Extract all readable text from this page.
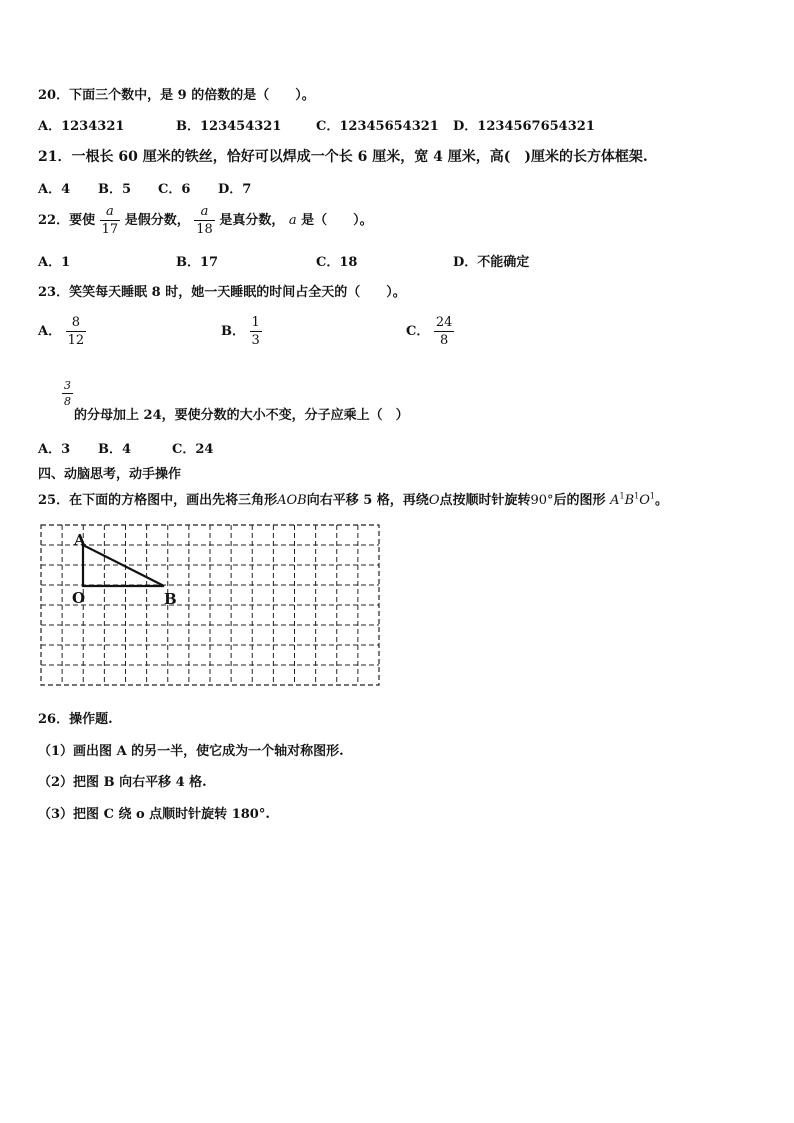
20．下面三个数中，是 9 的倍数的是（　　）。
A．1234321	B．123454321	C．12345654321 D．1234567654321
21．一根长 60 厘米的铁丝，恰好可以焊成一个长 6 厘米，宽 4 厘米，高(　)厘米的长方体框架.
A．4 B．5 C．6 D．7
22．要使 $\frac{a}{17}$ 是假分数， $\frac{a}{18}$ 是真分数， a 是（　　）。
A．1	B．17	C．18	D．不能确定
23．笑笑每天睡眠 8 时，她一天睡眠的时间占全天的（　　）。
A． $\frac{8}{12}$	B． $\frac{1}{3}$	C． $\frac{24}{8}$
$\frac{3}{8}$
的分母加上 24，要使分数的大小不变，分子应乘上（　）
A．3 B．4	C．24
四、动脑思考，动手操作
25．在下面的方格图中，画出先将三角形AOB向右平移 5 格，再绕O点按顺时针旋转90°后的图形 $A^1B^1O^1$。
A
O	B
26．操作题.
（1）画出图 A 的另一半，使它成为一个轴对称图形.
（2）把图 B 向右平移 4 格.
（3）把图 C 绕 o 点顺时针旋转 180°.
